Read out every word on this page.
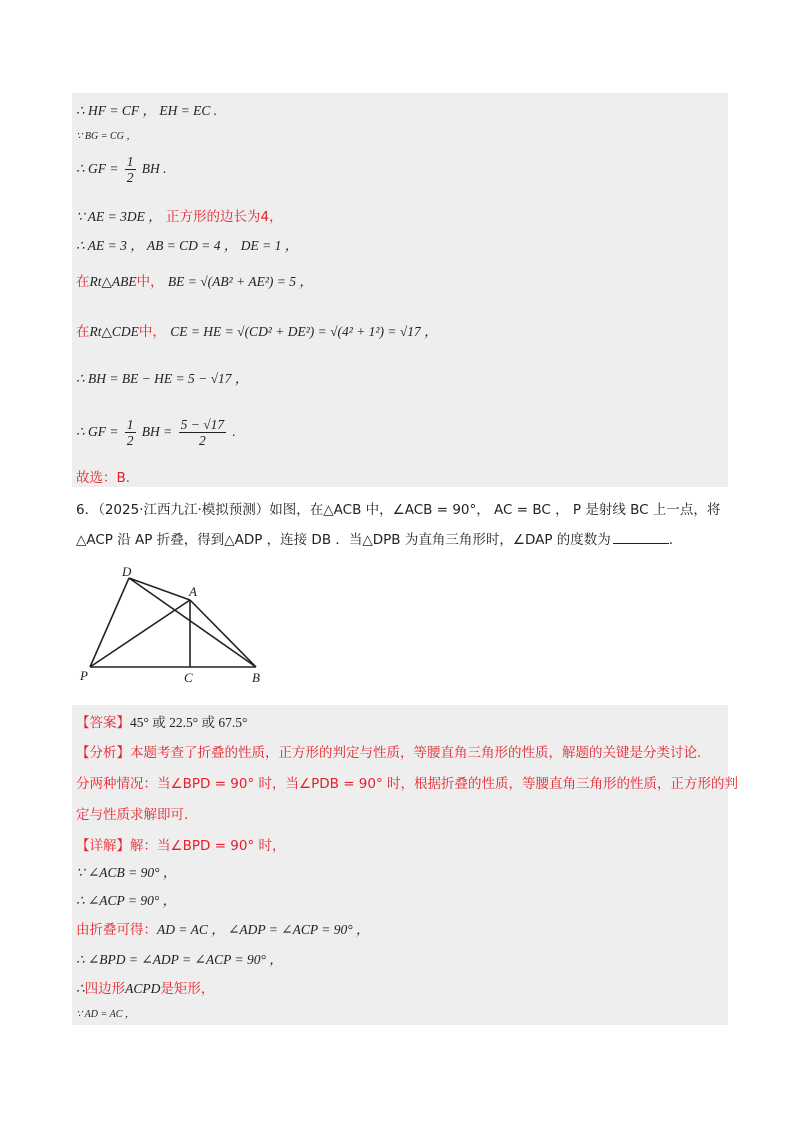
∴ HF = CF ， EH = EC .
∵ BG = CG ，
∴ GF = $\frac{1}{2}$ BH .
∵ AE = 3DE ， 正方形的边长为4，
∴ AE = 3 ， AB = CD = 4 ， DE = 1 ，
在Rt△ABE中， BE = √(AB² + AE²) = 5 ，
在Rt△CDE中， CE = HE = √(CD² + DE²) = √(4² + 1²) = √17 ，
∴ BH = BE − HE = 5 − √17 ，
∴ GF = $\frac{1}{2}$ BH = $\frac{5 - √17}{2}$ .
故选：B．
6．（2025·江西九江·模拟预测）如图，在△ACB 中，∠ACB = 90°， AC = BC ， P 是射线 BC 上一点，将
△ACP 沿 AP 折叠，得到△ADP ，连接 DB ．当△DPB 为直角三角形时，∠DAP 的度数为	.
D
A
P	C	B
【答案】45° 或 22.5° 或 67.5°
【分析】本题考查了折叠的性质，正方形的判定与性质，等腰直角三角形的性质，解题的关键是分类讨论.
分两种情况：当∠BPD = 90° 时，当∠PDB = 90° 时，根据折叠的性质，等腰直角三角形的性质，正方形的判
定与性质求解即可.
【详解】解：当∠BPD = 90° 时，
∵ ∠ACB = 90° ，
∴ ∠ACP = 90° ，
由折叠可得：AD = AC ， ∠ADP = ∠ACP = 90° ，
∴ ∠BPD = ∠ADP = ∠ACP = 90° ，
∴四边形ACPD是矩形，
∵ AD = AC ，
